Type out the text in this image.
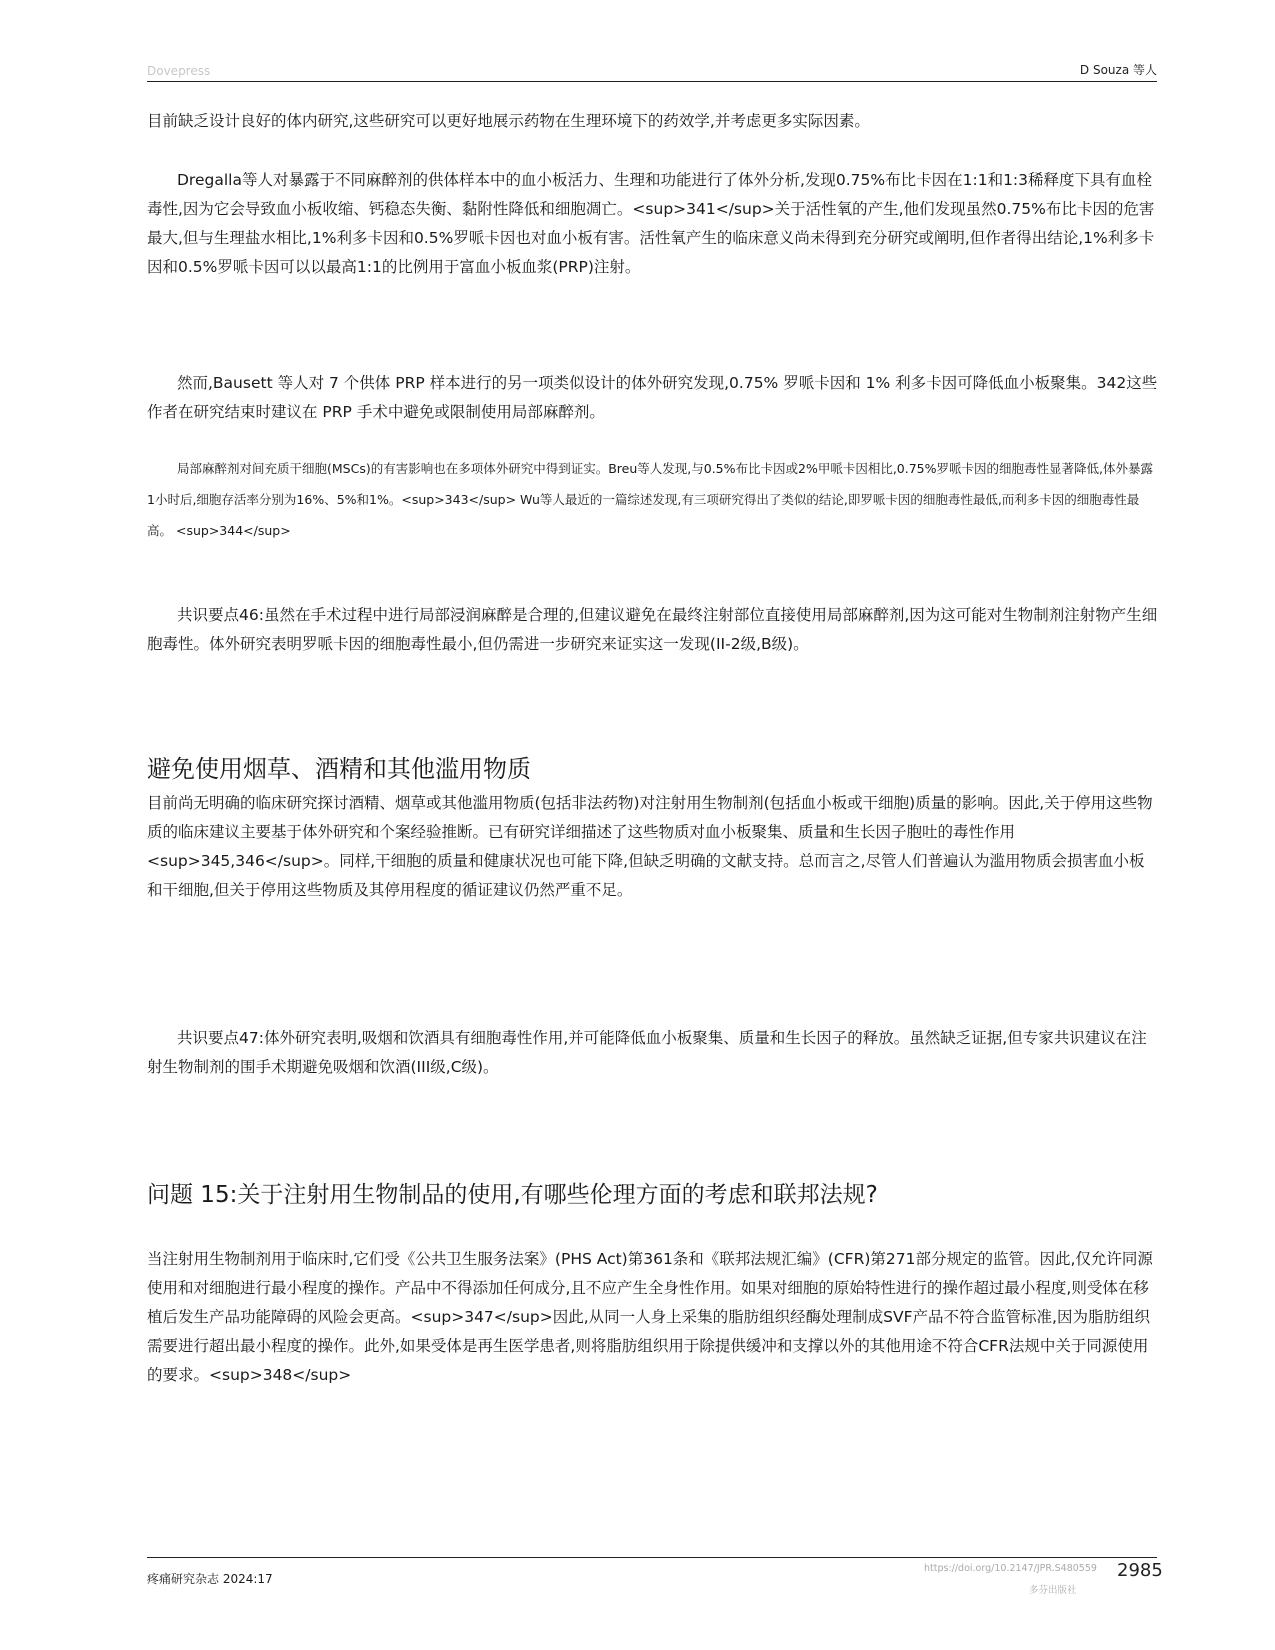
Dovepress	D Souza 等人

目前缺乏设计良好的体内研究,这些研究可以更好地展示药物在生理环境下的药效学,并考虑更多实际因素。

Dregalla等人对暴露于不同麻醉剂的供体样本中的血小板活力、生理和功能进行了体外分析,发现0.75%布比卡因在1:1和1:3稀释度下具有血栓毒性,因为它会导致血小板收缩、钙稳态失衡、黏附性降低和细胞凋亡。<sup>341</sup>关于活性氧的产生,他们发现虽然0.75%布比卡因的危害最大,但与生理盐水相比,1%利多卡因和0.5%罗哌卡因也对血小板有害。活性氧产生的临床意义尚未得到充分研究或阐明,但作者得出结论,1%利多卡因和0.5%罗哌卡因可以以最高1:1的比例用于富血小板血浆(PRP)注射。

然而,Bausett 等人对 7 个供体 PRP 样本进行的另一项类似设计的体外研究发现,0.75% 罗哌卡因和 1% 利多卡因可降低血小板聚集。342这些作者在研究结束时建议在 PRP 手术中避免或限制使用局部麻醉剂。

局部麻醉剂对间充质干细胞(MSCs)的有害影响也在多项体外研究中得到证实。Breu等人发现,与0.5%布比卡因或2%甲哌卡因相比,0.75%罗哌卡因的细胞毒性显著降低,体外暴露1小时后,细胞存活率分别为16%、5%和1%。<sup>343</sup> Wu等人最近的一篇综述发现,有三项研究得出了类似的结论,即罗哌卡因的细胞毒性最低,而利多卡因的细胞毒性最高。 <sup>344</sup>

共识要点46:虽然在手术过程中进行局部浸润麻醉是合理的,但建议避免在最终注射部位直接使用局部麻醉剂,因为这可能对生物制剂注射物产生细胞毒性。体外研究表明罗哌卡因的细胞毒性最小,但仍需进一步研究来证实这一发现(II-2级,B级)。

避免使用烟草、酒精和其他滥用物质

目前尚无明确的临床研究探讨酒精、烟草或其他滥用物质(包括非法药物)对注射用生物制剂(包括血小板或干细胞)质量的影响。因此,关于停用这些物质的临床建议主要基于体外研究和个案经验推断。已有研究详细描述了这些物质对血小板聚集、质量和生长因子胞吐的毒性作用<sup>345,346</sup>。同样,干细胞的质量和健康状况也可能下降,但缺乏明确的文献支持。总而言之,尽管人们普遍认为滥用物质会损害血小板和干细胞,但关于停用这些物质及其停用程度的循证建议仍然严重不足。

共识要点47:体外研究表明,吸烟和饮酒具有细胞毒性作用,并可能降低血小板聚集、质量和生长因子的释放。虽然缺乏证据,但专家共识建议在注射生物制剂的围手术期避免吸烟和饮酒(III级,C级)。

问题 15:关于注射用生物制品的使用,有哪些伦理方面的考虑和联邦法规?

当注射用生物制剂用于临床时,它们受《公共卫生服务法案》(PHS Act)第361条和《联邦法规汇编》(CFR)第271部分规定的监管。因此,仅允许同源使用和对细胞进行最小程度的操作。产品中不得添加任何成分,且不应产生全身性作用。如果对细胞的原始特性进行的操作超过最小程度,则受体在移植后发生产品功能障碍的风险会更高。<sup>347</sup>因此,从同一人身上采集的脂肪组织经酶处理制成SVF产品不符合监管标准,因为脂肪组织需要进行超出最小程度的操作。此外,如果受体是再生医学患者,则将脂肪组织用于除提供缓冲和支撑以外的其他用途不符合CFR法规中关于同源使用的要求。<sup>348</sup>

疼痛研究杂志 2024:17
https://doi.org/10.2147/JPR.S480559
多芬出版社
2985
